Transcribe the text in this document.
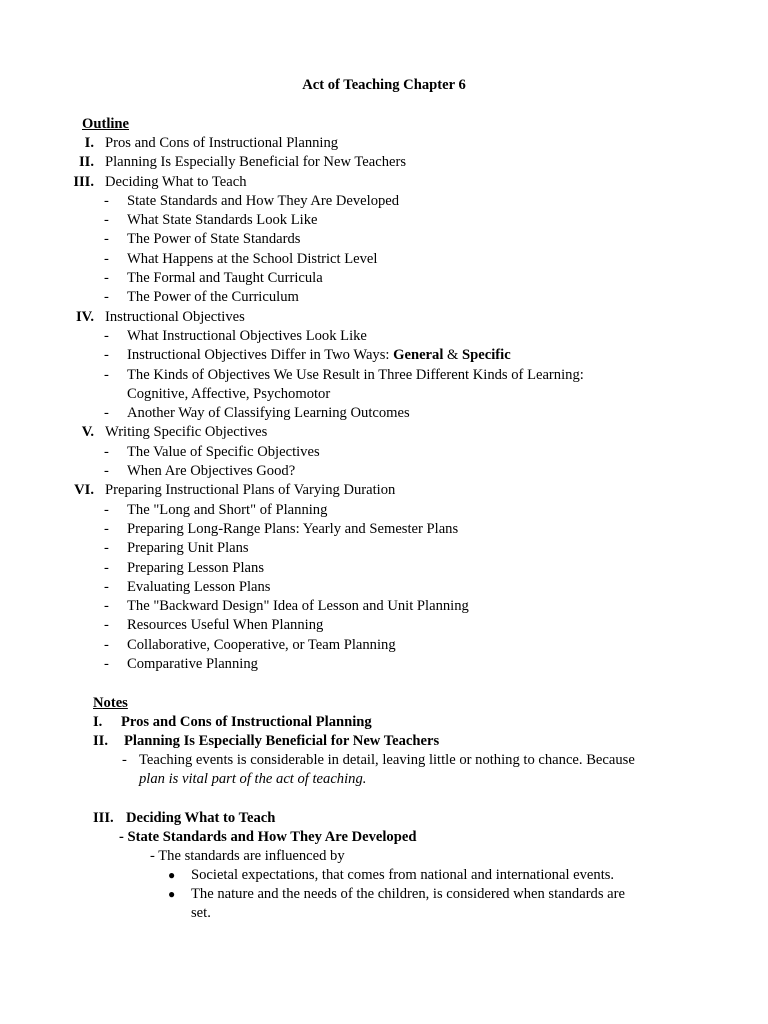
Act of Teaching Chapter 6
Outline
I. Pros and Cons of Instructional Planning
II. Planning Is Especially Beneficial for New Teachers
III. Deciding What to Teach
- State Standards and How They Are Developed
- What State Standards Look Like
- The Power of State Standards
- What Happens at the School District Level
- The Formal and Taught Curricula
- The Power of the Curriculum
IV. Instructional Objectives
- What Instructional Objectives Look Like
- Instructional Objectives Differ in Two Ways: General & Specific
- The Kinds of Objectives We Use Result in Three Different Kinds of Learning: Cognitive, Affective, Psychomotor
- Another Way of Classifying Learning Outcomes
V. Writing Specific Objectives
- The Value of Specific Objectives
- When Are Objectives Good?
VI. Preparing Instructional Plans of Varying Duration
- The "Long and Short" of Planning
- Preparing Long-Range Plans: Yearly and Semester Plans
- Preparing Unit Plans
- Preparing Lesson Plans
- Evaluating Lesson Plans
- The "Backward Design" Idea of Lesson and Unit Planning
- Resources Useful When Planning
- Collaborative, Cooperative, or Team Planning
- Comparative Planning
Notes
I. Pros and Cons of Instructional Planning
II. Planning Is Especially Beneficial for New Teachers
- Teaching events is considerable in detail, leaving little or nothing to chance. Because
plan is vital part of the act of teaching.
III. Deciding What to Teach
- State Standards and How They Are Developed
- The standards are influenced by
● Societal expectations, that comes from national and international events.
● The nature and the needs of the children, is considered when standards are
set.
